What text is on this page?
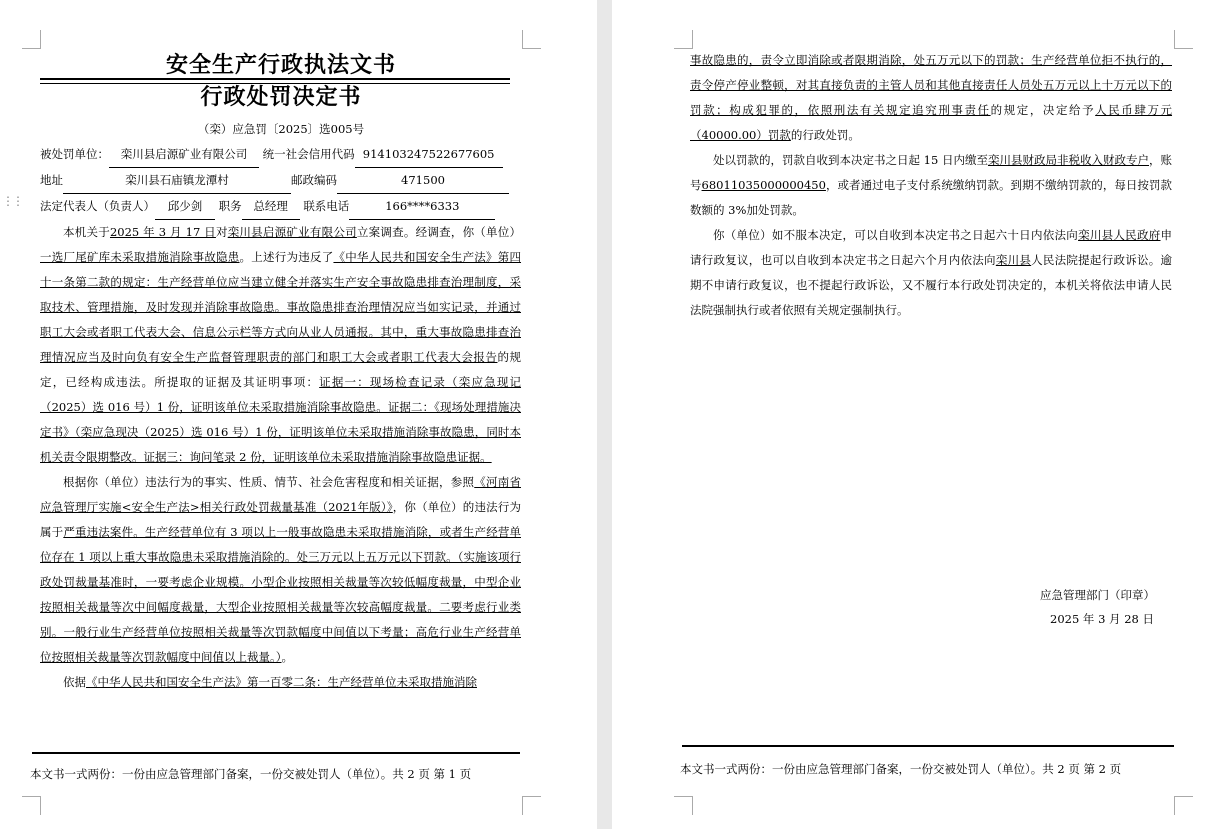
安全生产行政执法文书
行政处罚决定书
（栾）应急罚〔2025〕选005号

被处罚单位： 栾川县启源矿业有限公司 统一社会信用代码 914103247522677605

地址	栾川县石庙镇龙潭村	邮政编码	471500

法定代表人（负责人） 邱少剑 职务 总经理 联系电话	166****6333

本机关于2025 年 3 月 17 日对栾川县启源矿业有限公司立案调查。经调查，你（单位）一选厂尾矿库未采取措施消除事故隐患。上述行为违反了《中华人民共和国安全生产法》第四十一条第二款的规定：生产经营单位应当建立健全并落实生产安全事故隐患排查治理制度，采取技术、管理措施，及时发现并消除事故隐患。事故隐患排查治理情况应当如实记录，并通过职工大会或者职工代表大会、信息公示栏等方式向从业人员通报。其中，重大事故隐患排查治理情况应当及时向负有安全生产监督管理职责的部门和职工大会或者职工代表大会报告的规定，已经构成违法。所提取的证据及其证明事项：证据一：现场检查记录（栾应急现记（2025）选 016 号）1 份，证明该单位未采取措施消除事故隐患。证据二：《现场处理措施决定书》（栾应急现决（2025）选 016 号）1 份，证明该单位未采取措施消除事故隐患，同时本机关责令限期整改。证据三：询问笔录 2 份，证明该单位未采取措施消除事故隐患证据。

根据你（单位）违法行为的事实、性质、情节、社会危害程度和相关证据，参照《河南省应急管理厅实施<安全生产法>相关行政处罚裁量基准（2021年版）》，你（单位）的违法行为属于严重违法案件。生产经营单位有 3 项以上一般事故隐患未采取措施消除，或者生产经营单位存在 1 项以上重大事故隐患未采取措施消除的。处三万元以上五万元以下罚款。（实施该项行政处罚裁量基准时，一要考虑企业规模。小型企业按照相关裁量等次较低幅度裁量，中型企业按照相关裁量等次中间幅度裁量，大型企业按照相关裁量等次较高幅度裁量。二要考虑行业类别。一般行业生产经营单位按照相关裁量等次罚款幅度中间值以下考量；高危行业生产经营单位按照相关裁量等次罚款幅度中间值以上裁量。）。

依据《中华人民共和国安全生产法》第一百零二条：生产经营单位未采取措施消除

本文书一式两份：一份由应急管理部门备案，一份交被处罚人（单位）。共 2 页 第 1 页
⋮⋮

事故隐患的，责令立即消除或者限期消除，处五万元以下的罚款；生产经营单位拒不执行的，责令停产停业整顿，对其直接负责的主管人员和其他直接责任人员处五万元以上十万元以下的罚款；构成犯罪的，依照刑法有关规定追究刑事责任的规定，决定给予人民币肆万元（40000.00）罚款的行政处罚。

处以罚款的，罚款自收到本决定书之日起 15 日内缴至栾川县财政局非税收入财政专户，账号68011035000000450，或者通过电子支付系统缴纳罚款。到期不缴纳罚款的，每日按罚款数额的 3%加处罚款。

你（单位）如不服本决定，可以自收到本决定书之日起六十日内依法向栾川县人民政府申请行政复议，也可以自收到本决定书之日起六个月内依法向栾川县人民法院提起行政诉讼。逾期不申请行政复议，也不提起行政诉讼，又不履行本行政处罚决定的，本机关将依法申请人民法院强制执行或者依照有关规定强制执行。

应急管理部门（印章）
2025 年 3 月 28 日
本文书一式两份：一份由应急管理部门备案，一份交被处罚人（单位）。共 2 页 第 2 页
